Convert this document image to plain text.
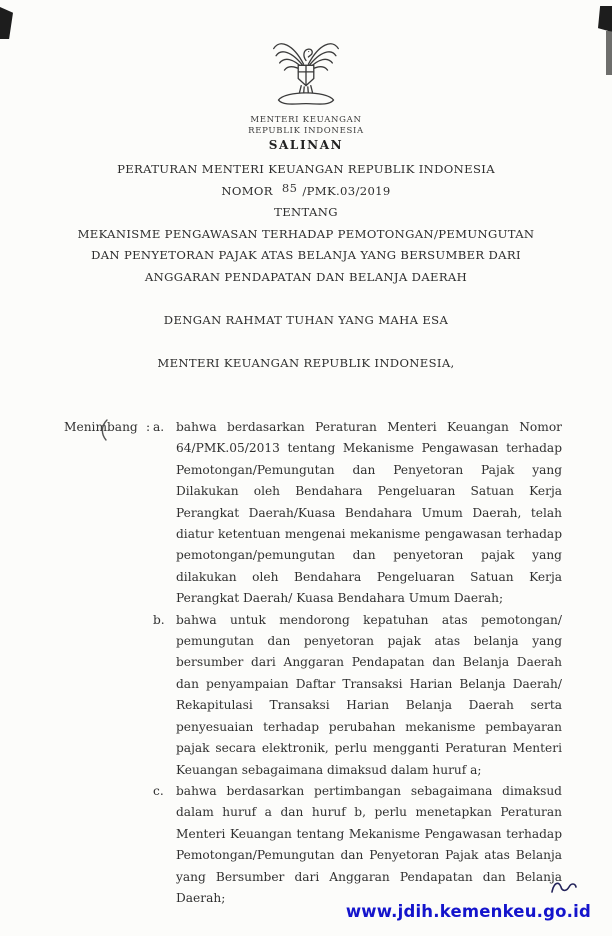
MENTERI KEUANGAN
REPUBLIK INDONESIA
SALINAN
PERATURAN MENTERI KEUANGAN REPUBLIK INDONESIA
NOMOR 85 /PMK.03/2019
TENTANG
MEKANISME PENGAWASAN TERHADAP PEMOTONGAN/PEMUNGUTAN
DAN PENYETORAN PAJAK ATAS BELANJA YANG BERSUMBER DARI
ANGGARAN PENDAPATAN DAN BELANJA DAERAH
DENGAN RAHMAT TUHAN YANG MAHA ESA
MENTERI KEUANGAN REPUBLIK INDONESIA,
Menimbang : a. bahwa berdasarkan Peraturan Menteri Keuangan Nomor 64/PMK.05/2013 tentang Mekanisme Pengawasan terhadap Pemotongan/Pemungutan dan Penyetoran Pajak yang Dilakukan oleh Bendahara Pengeluaran Satuan Kerja Perangkat Daerah/Kuasa Bendahara Umum Daerah, telah diatur ketentuan mengenai mekanisme pengawasan terhadap pemotongan/pemungutan dan penyetoran pajak yang dilakukan oleh Bendahara Pengeluaran Satuan Kerja Perangkat Daerah/ Kuasa Bendahara Umum Daerah;
b. bahwa untuk mendorong kepatuhan atas pemotongan/ pemungutan dan penyetoran pajak atas belanja yang bersumber dari Anggaran Pendapatan dan Belanja Daerah dan penyampaian Daftar Transaksi Harian Belanja Daerah/ Rekapitulasi Transaksi Harian Belanja Daerah serta penyesuaian terhadap perubahan mekanisme pembayaran pajak secara elektronik, perlu mengganti Peraturan Menteri Keuangan sebagaimana dimaksud dalam huruf a;
c.	bahwa berdasarkan pertimbangan sebagaimana dimaksud dalam huruf a dan huruf b, perlu menetapkan Peraturan Menteri Keuangan tentang Mekanisme Pengawasan terhadap Pemotongan/Pemungutan dan Penyetoran Pajak atas Belanja yang Bersumber dari Anggaran Pendapatan dan Belanja Daerah;
www.jdih.kemenkeu.go.id
